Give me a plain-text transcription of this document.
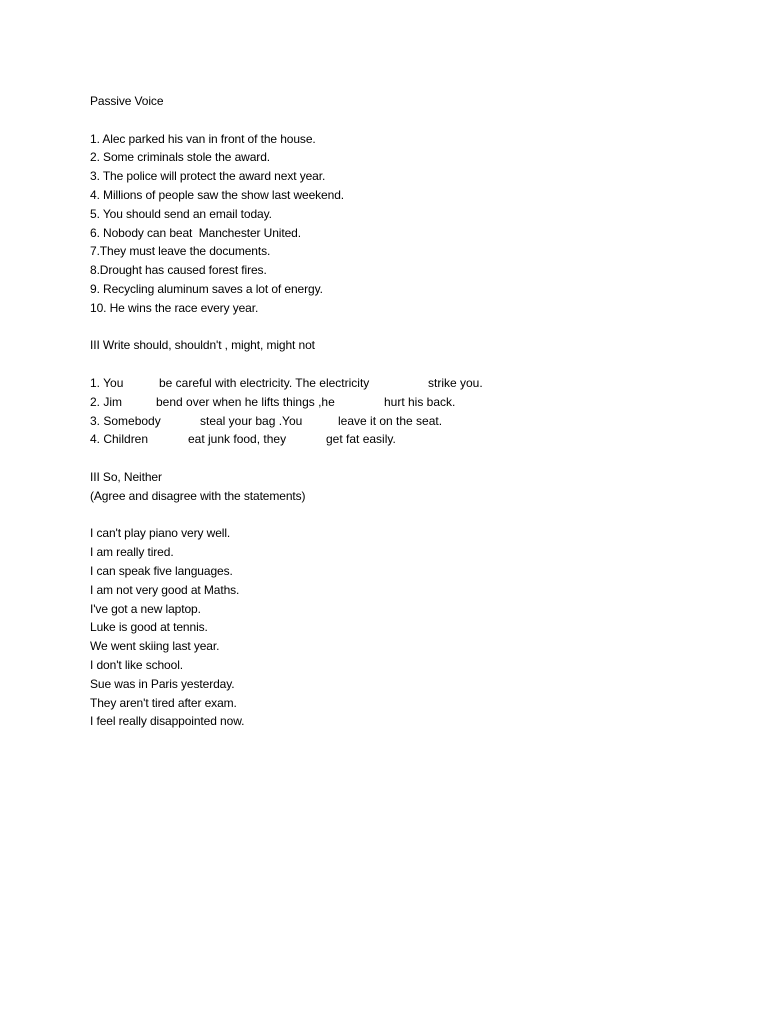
Passive Voice
1. Alec parked his van in front of the house.
2. Some criminals stole the award.
3. The police will protect the award next year.
4. Millions of people saw the show last weekend.
5. You should send an email today.
6. Nobody can beat  Manchester United.
7.They must leave the documents.
8.Drought has caused forest fires.
9. Recycling aluminum saves a lot of energy.
10. He wins the race every year.
III Write should, shouldn't , might, might not

1. You

	be careful with electricity. The electricity

	strike you.

2. Jim

	bend over when he lifts things ,he

	hurt his back.

3. Somebody

	steal your bag .You

	leave it on the seat.

4. Children

	eat junk food, they

	get fat easily.

III So, Neither
(Agree and disagree with the statements)
I can't play piano very well.
I am really tired.
I can speak five languages.
I am not very good at Maths.
I've got a new laptop.
Luke is good at tennis.
We went skiing last year.
I don't like school.
Sue was in Paris yesterday.
They aren't tired after exam.
I feel really disappointed now.
